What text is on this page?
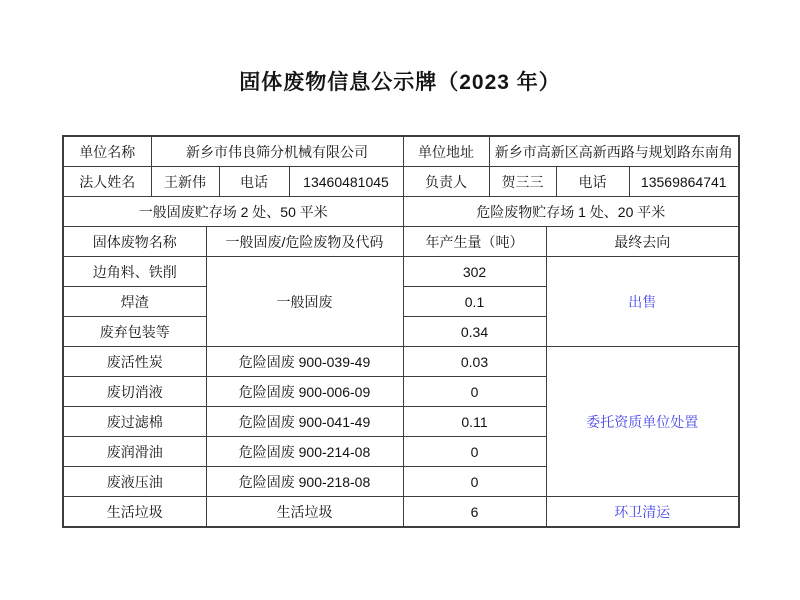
固体废物信息公示牌（2023 年）
单位名称	新乡市伟良筛分机械有限公司				单位地址	新乡市高新区高新西路与规划路东南角			
法人姓名	王新伟		电话	13460481045	负责人	贺三三		电话	13569864741
一般固废贮存场 2 处、50 平米					危险废物贮存场 1 处、20 平米				
固体废物名称		一般固废/危险废物及代码			年产生量（吨）		最终去向		
边角料、铁削		一般固废			302		出售		
焊渣					0.1				
废弃包装等					0.34				
废活性炭		危险固废 900-039-49			0.03		委托资质单位处置		
废切消液		危险固废 900-006-09			0				
废过滤棉		危险固废 900-041-49			0.11				
废润滑油		危险固废 900-214-08			0				
废液压油		危险固废 900-218-08			0				
生活垃圾		生活垃圾			6		环卫清运		
